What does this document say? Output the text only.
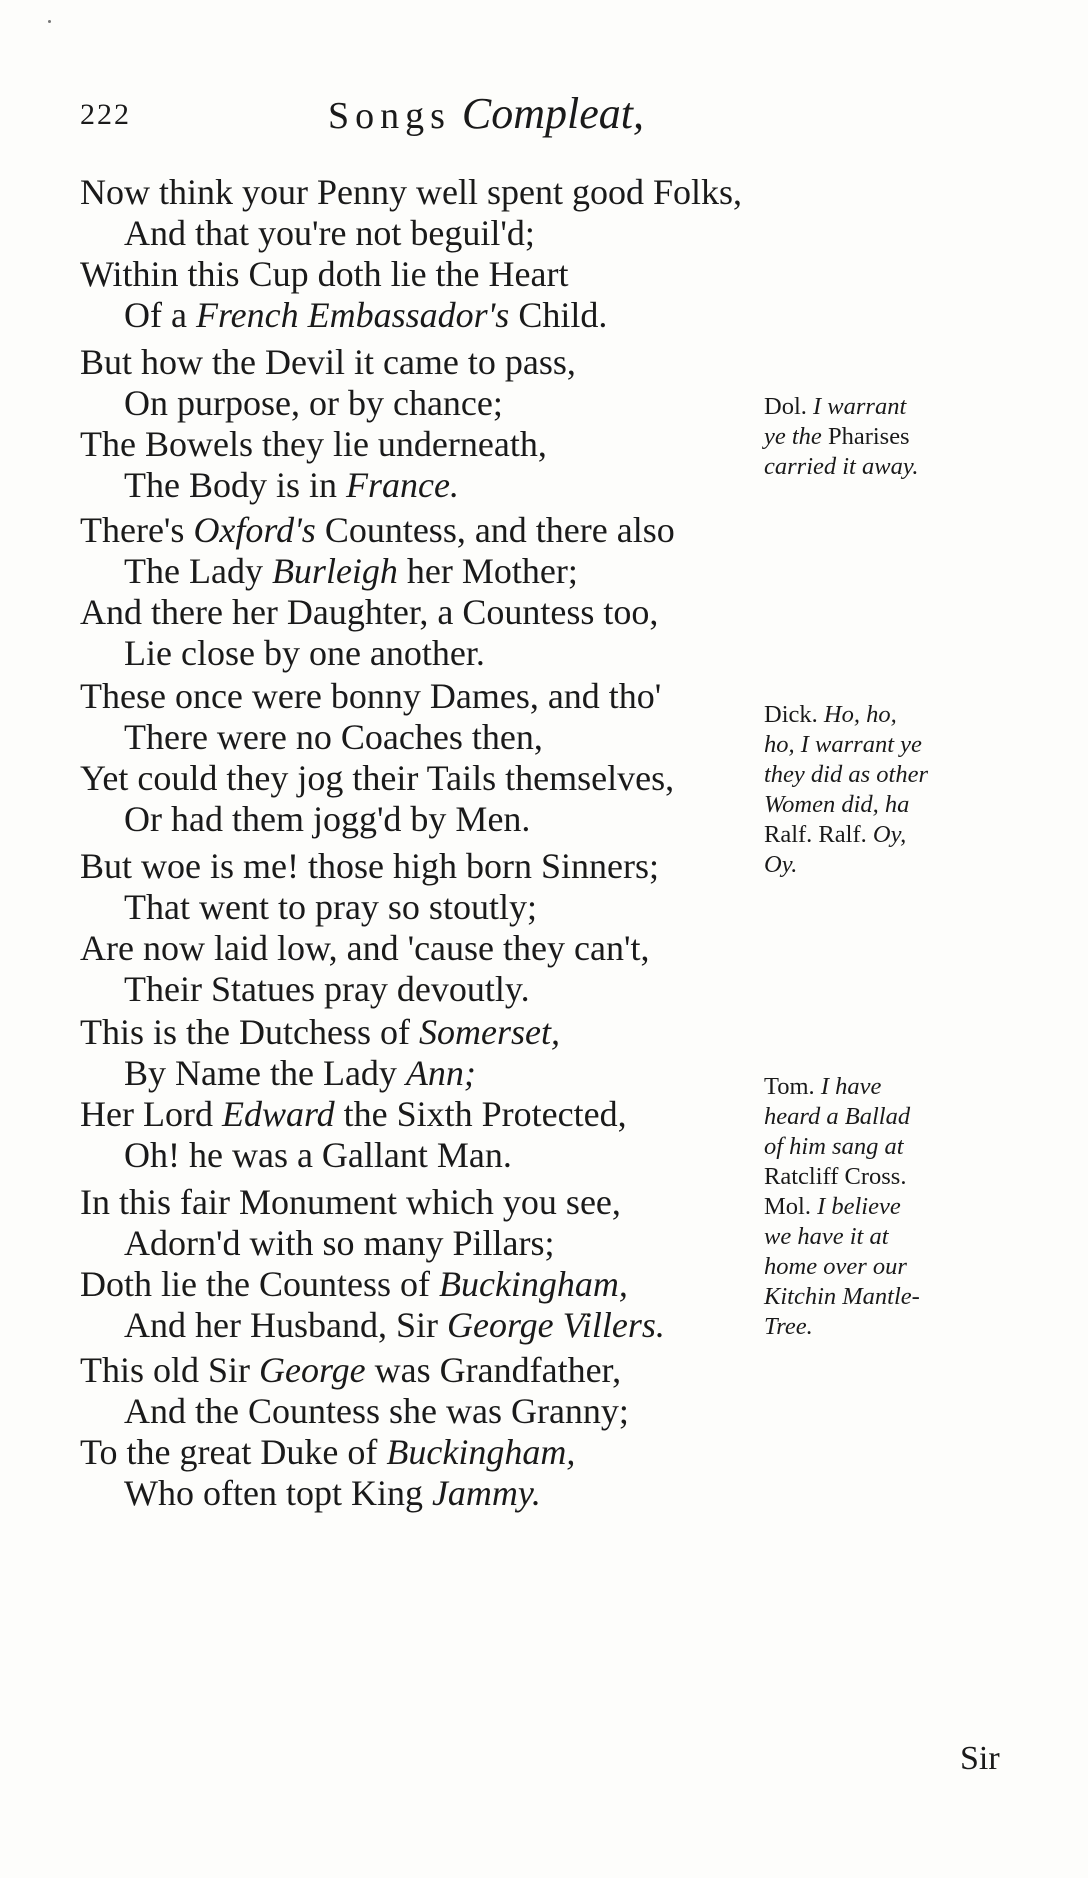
222	Songs Compleat,
Now think your Penny well spent good Folks,
And that you're not beguil'd;
Within this Cup doth lie the Heart
Of a French Embassador's Child.
But how the Devil it came to pass,
On purpose, or by chance;
The Bowels they lie underneath,
The Body is in France.
There's Oxford's Countess, and there also
The Lady Burleigh her Mother;
And there her Daughter, a Countess too,
Lie close by one another.
These once were bonny Dames, and tho'
There were no Coaches then,
Yet could they jog their Tails themselves,
Or had them jogg'd by Men.
But woe is me! those high born Sinners;
That went to pray so stoutly;
Are now laid low, and 'cause they can't,
Their Statues pray devoutly.
This is the Dutchess of Somerset,
By Name the Lady Ann;
Her Lord Edward the Sixth Protected,
Oh! he was a Gallant Man.
In this fair Monument which you see,
Adorn'd with so many Pillars;
Doth lie the Countess of Buckingham,
And her Husband, Sir George Villers.
This old Sir George was Grandfather,
And the Countess she was Granny;
To the great Duke of Buckingham,
Who often topt King Jammy.
Dol. I warrant
ye the Pharises
carried it away.
Dick. Ho, ho,
ho, I warrant ye
they did as other
Women did, ha
Ralf. Ralf. Oy,
Oy.
Tom. I have
heard a Ballad
of him sang at
Ratcliff Cross.
Mol. I believe
we have it at
home over our
Kitchin Mantle-
Tree.
Sir
